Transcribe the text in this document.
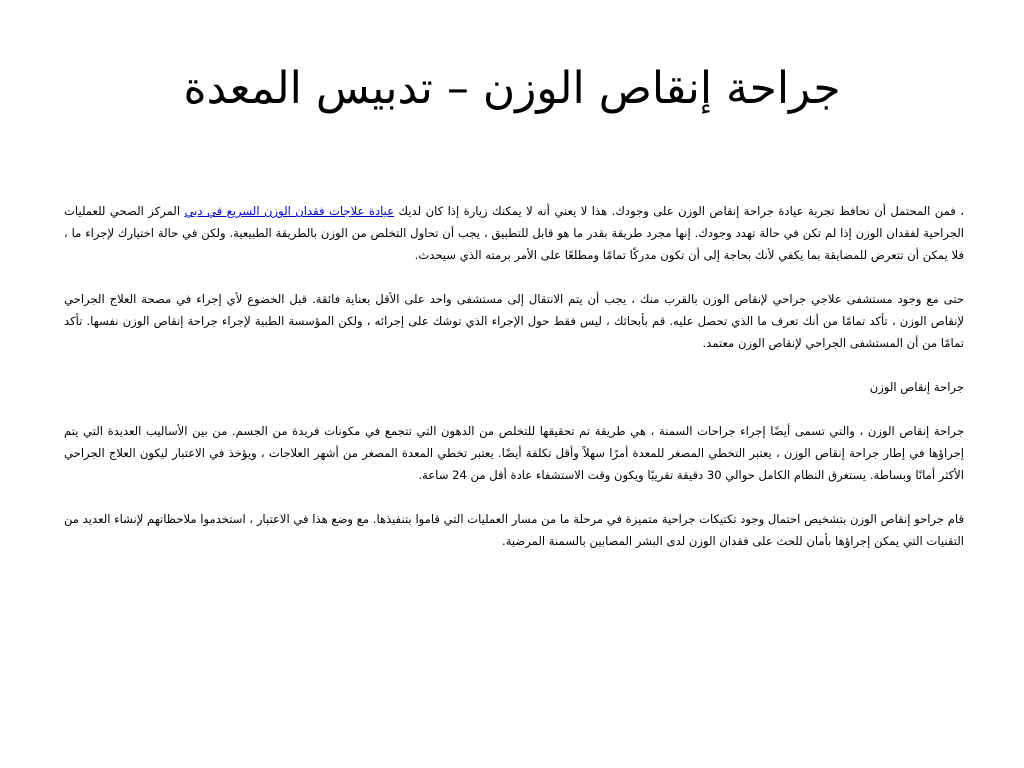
جراحة إنقاص الوزن – تدبيس المعدة

، فمن المحتمل أن تحافظ تجربة عيادة جراحة إنقاص الوزن على وجودك. هذا لا يعني أنه لا يمكنك زيارة إذا كان لديك عيادة علاجات فقدان الوزن السريع في دبي المركز الصحي للعمليات الجراحية لفقدان الوزن إذا لم تكن في حالة تهدد وجودك. إنها مجرد طريقة بقدر ما هو قابل للتطبيق ، يجب أن تحاول التخلص من الوزن بالطريقة الطبيعية. ولكن في حالة اختيارك لإجراء ما ، فلا يمكن أن تتعرض للمضايقة بما يكفي لأنك بحاجة إلى أن تكون مدركًا تمامًا ومطلعًا على الأمر برمته الذي سيحدث.

حتى مع وجود مستشفى علاجي جراحي لإنقاص الوزن بالقرب منك ، يجب أن يتم الانتقال إلى مستشفى واحد على الأقل بعناية فائقة. قبل الخضوع لأي إجراء في مصحة العلاج الجراحي لإنقاص الوزن ، تأكد تمامًا من أنك تعرف ما الذي تحصل عليه. قم بأبحاثك ، ليس فقط حول الإجراء الذي توشك على إجرائه ، ولكن المؤسسة الطبية لإجراء جراحة إنقاص الوزن نفسها. تأكد تمامًا من أن المستشفى الجراحي لإنقاص الوزن معتمد.

جراحة إنقاص الوزن

جراحة إنقاص الوزن ، والتي تسمى أيضًا إجراء جراحات السمنة ، هي طريقة تم تحقيقها للتخلص من الدهون التي تتجمع في مكونات فريدة من الجسم. من بين الأساليب العديدة التي يتم إجراؤها في إطار جراحة إنقاص الوزن ، يعتبر التخطي المصغر للمعدة أمرًا سهلاً وأقل تكلفة أيضًا. يعتبر تخطي المعدة المصغر من أشهر العلاجات ، ويؤخذ في الاعتبار ليكون العلاج الجراحي الأكثر أمانًا وبساطة. يستغرق النظام الكامل حوالي 30 دقيقة تقريبًا ويكون وقت الاستشفاء عادة أقل من 24 ساعة.

قام جراحو إنقاص الوزن بتشخيص احتمال وجود تكتيكات جراحية متميزة في مرحلة ما من مسار العمليات التي قاموا بتنفيذها. مع وضع هذا في الاعتبار ، استخدموا ملاحظاتهم لإنشاء العديد من التقنيات التي يمكن إجراؤها بأمان للحث على فقدان الوزن لدى البشر المصابين بالسمنة المرضية.
